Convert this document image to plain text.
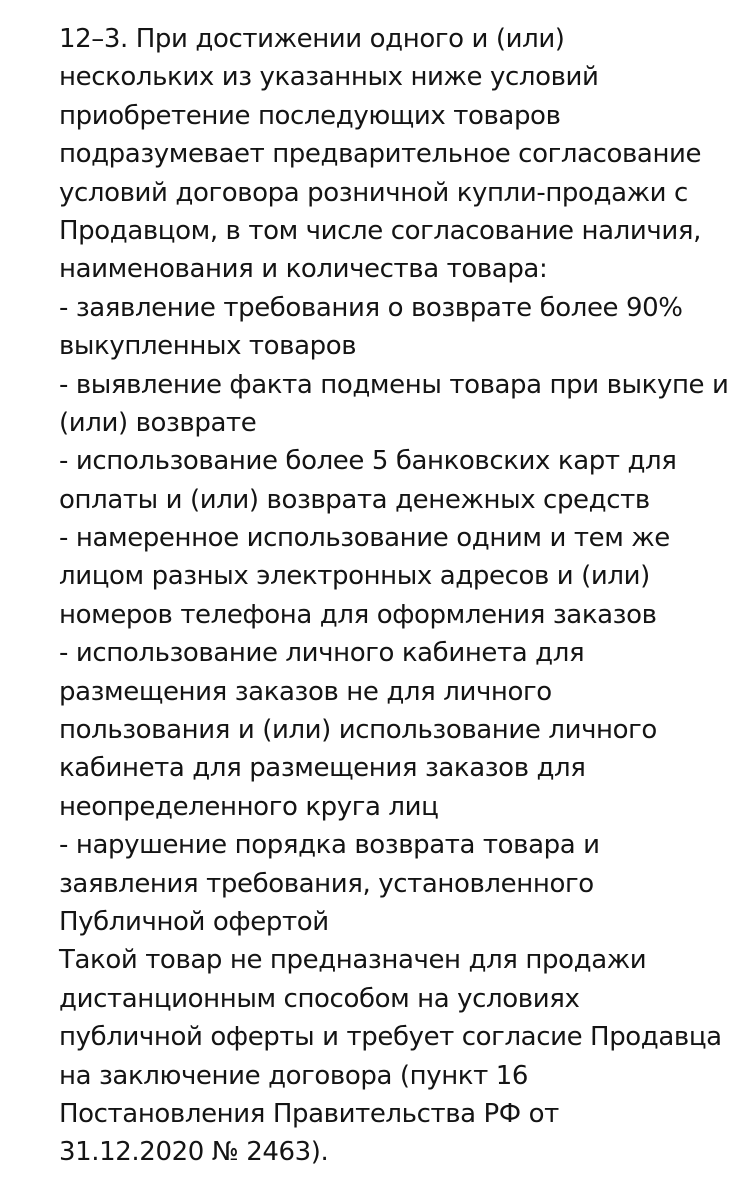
12–3. При достижении одного и (или)
нескольких из указанных ниже условий
приобретение последующих товаров
подразумевает предварительное согласование
условий договора розничной купли-продажи с
Продавцом, в том числе согласование наличия,
наименования и количества товара:
- заявление требования о возврате более 90%
выкупленных товаров
- выявление факта подмены товара при выкупе и
(или) возврате
- использование более 5 банковских карт для
оплаты и (или) возврата денежных средств
- намеренное использование одним и тем же
лицом разных электронных адресов и (или)
номеров телефона для оформления заказов
- использование личного кабинета для
размещения заказов не для личного
пользования и (или) использование личного
кабинета для размещения заказов для
неопределенного круга лиц
- нарушение порядка возврата товара и
заявления требования, установленного
Публичной офертой
Такой товар не предназначен для продажи
дистанционным способом на условиях
публичной оферты и требует согласие Продавца
на заключение договора (пункт 16
Постановления Правительства РФ от
31.12.2020 № 2463).
